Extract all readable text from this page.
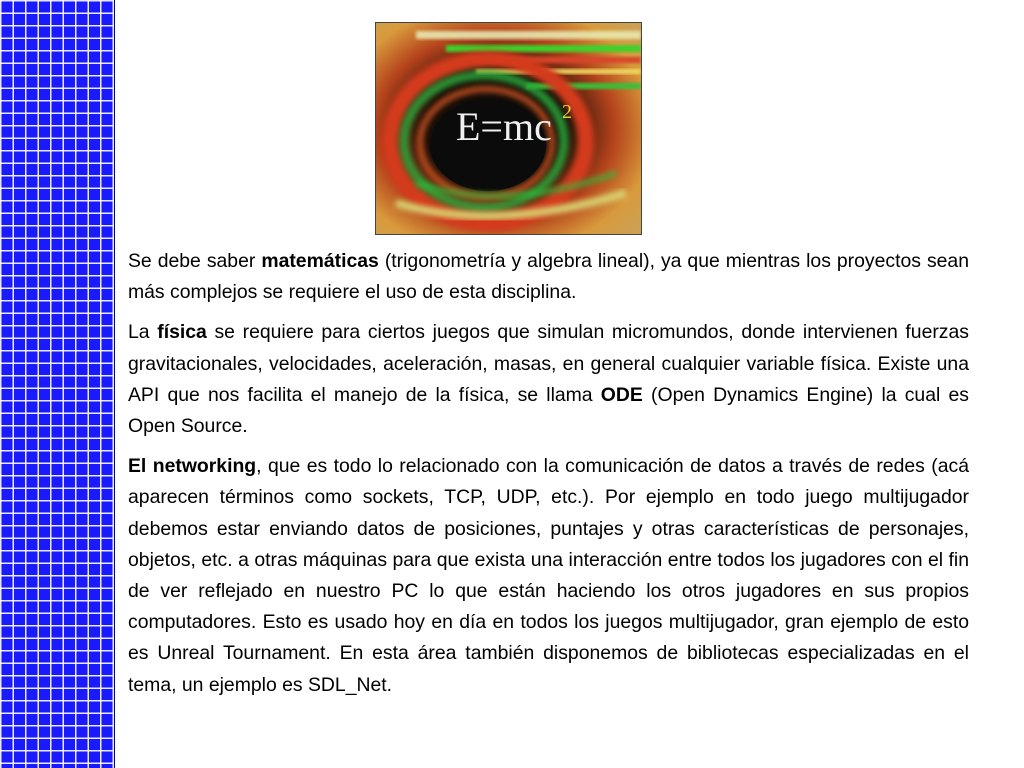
E=mc 2

Se debe saber matemáticas (trigonometría y algebra lineal), ya que mientras los proyectos sean más complejos se requiere el uso de esta disciplina.

La física se requiere para ciertos juegos que simulan micromundos, donde intervienen fuerzas gravitacionales, velocidades, aceleración, masas, en general cualquier variable física. Existe una API que nos facilita el manejo de la física, se llama ODE (Open Dynamics Engine) la cual es Open Source.

El networking, que es todo lo relacionado con la comunicación de datos a través de redes (acá aparecen términos como sockets, TCP, UDP, etc.). Por ejemplo en todo juego multijugador debemos estar enviando datos de posiciones, puntajes y otras características de personajes, objetos, etc. a otras máquinas para que exista una interacción entre todos los jugadores con el fin de ver reflejado en nuestro PC lo que están haciendo los otros jugadores en sus propios computadores. Esto es usado hoy en día en todos los juegos multijugador, gran ejemplo de esto es Unreal Tournament. En esta área también disponemos de bibliotecas especializadas en el tema, un ejemplo es SDL_Net.
